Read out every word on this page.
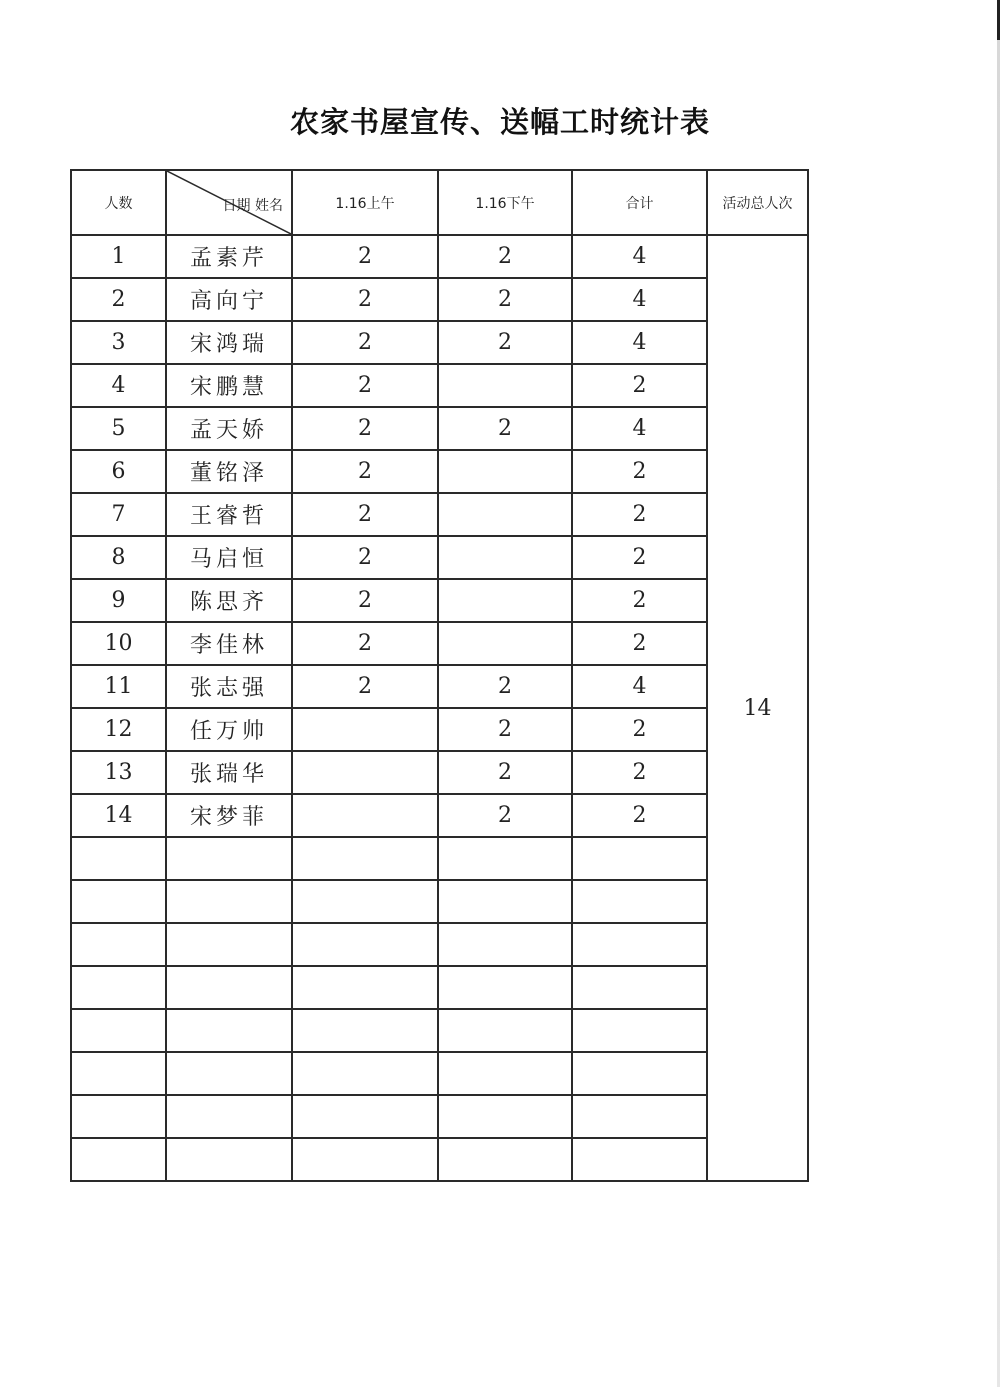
农家书屋宣传、送幅工时统计表
人数	日期 姓名	1.16上午	1.16下午	合计	活动总人次
1	孟素芹	2	2	4	14
2	高向宁	2	2	4	
3	宋鸿瑞	2	2	4	
4	宋鹏慧	2		2	
5	孟天娇	2	2	4	
6	董铭泽	2		2	
7	王睿哲	2		2	
8	马启恒	2		2	
9	陈思齐	2		2	
10	李佳林	2		2	
11	张志强	2	2	4	
12	任万帅		2	2	
13	张瑞华		2	2	
14	宋梦菲		2	2	
